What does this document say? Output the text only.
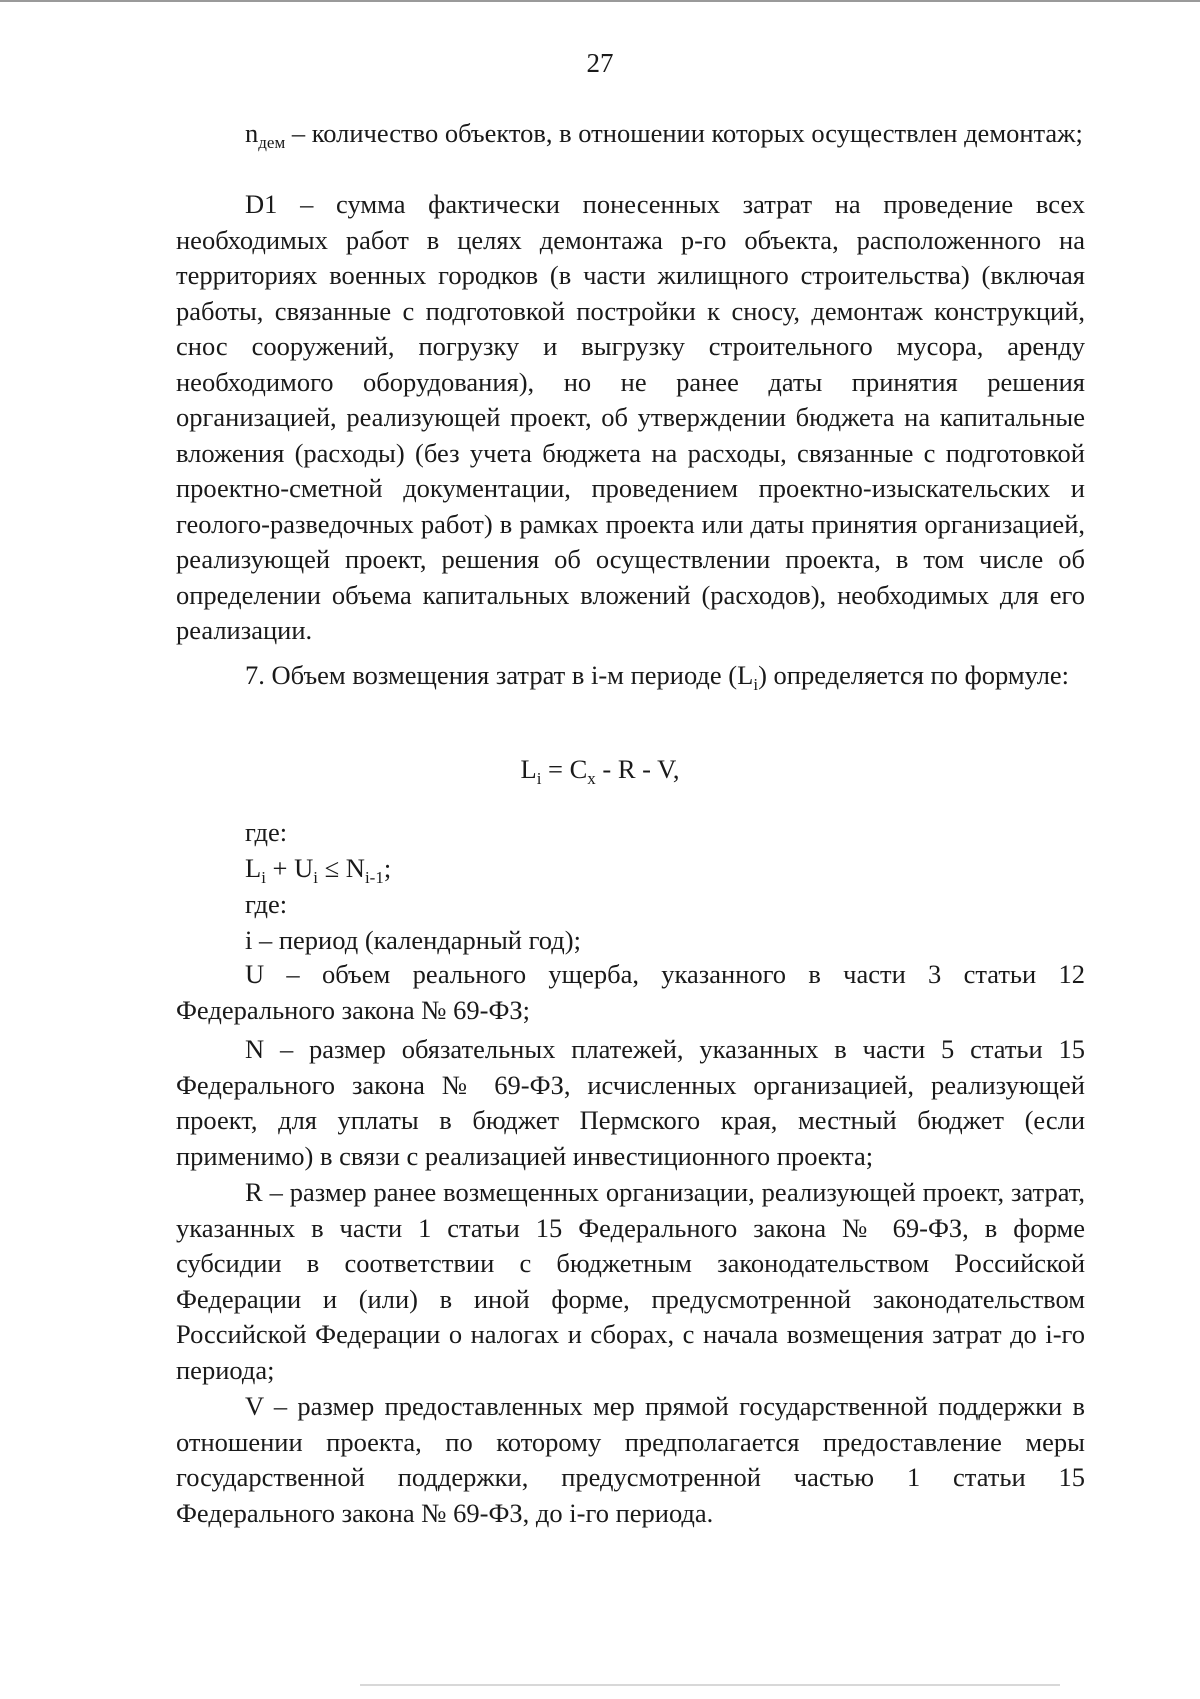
27

$n_{дем}$ – количество объектов, в отношении которых осуществлен демонтаж;

D1 – сумма фактически понесенных затрат на проведение всех необходимых работ в целях демонтажа p-го объекта, расположенного на территориях военных городков (в части жилищного строительства) (включая работы, связанные с подготовкой постройки к сносу, демонтаж конструкций, снос сооружений, погрузку и выгрузку строительного мусора, аренду необходимого оборудования), но не ранее даты принятия решения организацией, реализующей проект, об утверждении бюджета на капитальные вложения (расходы) (без учета бюджета на расходы, связанные с подготовкой проектно-сметной документации, проведением проектно-изыскательских и геолого-разведочных работ) в рамках проекта или даты принятия организацией, реализующей проект, решения об осуществлении проекта, в том числе об определении объема капитальных вложений (расходов), необходимых для его реализации.

7. Объем возмещения затрат в i-м периоде $(L_i)$ определяется по формуле:

$L_i = C_x - R - V$,
где:
$L_i + U_i \le N_{i-1}$;
где:
i – период (календарный год);

U – объем реального ущерба, указанного в части 3 статьи 12 Федерального закона № 69-ФЗ;

N – размер обязательных платежей, указанных в части 5 статьи 15 Федерального закона № 69-ФЗ, исчисленных организацией, реализующей проект, для уплаты в бюджет Пермского края, местный бюджет (если применимо) в связи с реализацией инвестиционного проекта;

R – размер ранее возмещенных организации, реализующей проект, затрат, указанных в части 1 статьи 15 Федерального закона № 69-ФЗ, в форме субсидии в соответствии с бюджетным законодательством Российской Федерации и (или) в иной форме, предусмотренной законодательством Российской Федерации о налогах и сборах, с начала возмещения затрат до i-го периода;

V – размер предоставленных мер прямой государственной поддержки в отношении проекта, по которому предполагается предоставление меры государственной поддержки, предусмотренной частью 1 статьи 15 Федерального закона № 69-ФЗ, до i-го периода.
